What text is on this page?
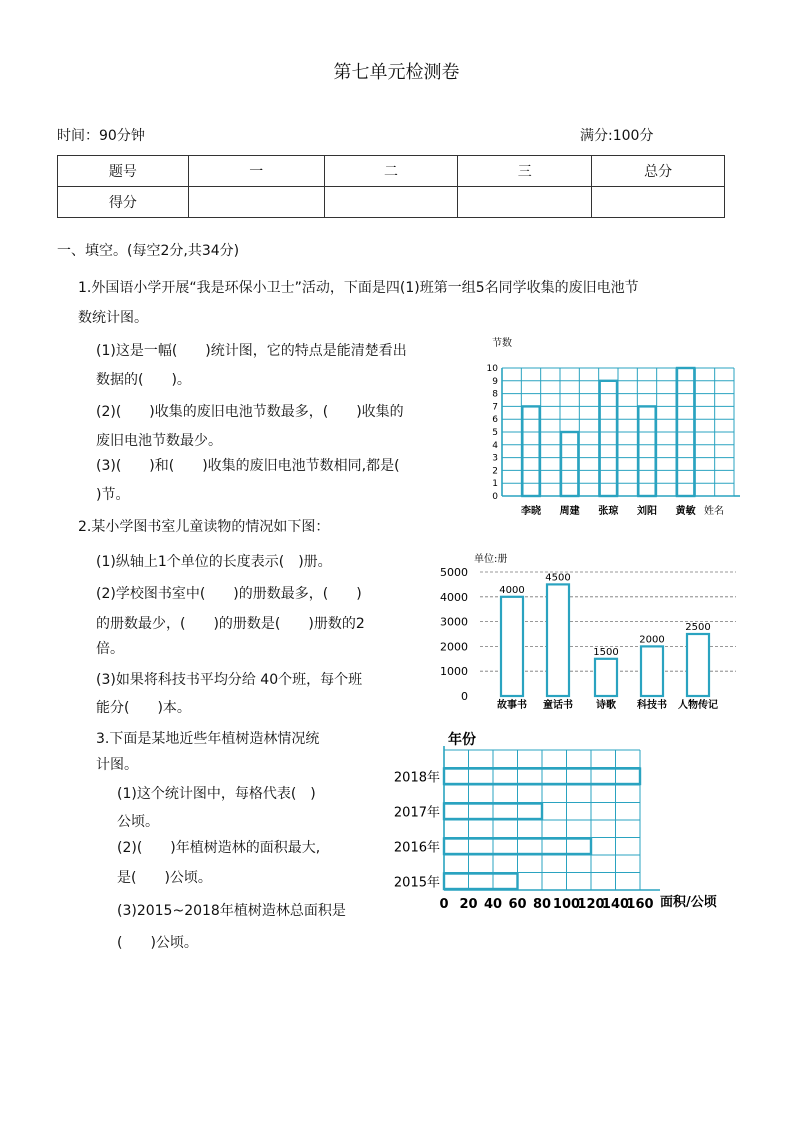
第七单元检测卷
时间：90分钟	满分:100分
题号	一	二	三	总分
得分				
一、填空。(每空2分,共34分)
1.外国语小学开展“我是环保小卫士”活动，下面是四(1)班第一组5名同学收集的废旧电池节
数统计图。
(1)这是一幅(　　)统计图，它的特点是能清楚看出
数据的(　　)。
(2)(　　)收集的废旧电池节数最多，(　　)收集的
废旧电池节数最少。
(3)(　　)和(　　)收集的废旧电池节数相同,都是(
)节。
节数
姓名
0
1
2
3
4
5
6
7
8
9
10
李晓 周建 张琼 刘阳 黄敏
2.某小学图书室儿童读物的情况如下图：
(1)纵轴上1个单位的长度表示(　)册。
(2)学校图书室中(　　)的册数最多，(　　)
的册数最少，(　　)的册数是(　　)册数的2
倍。
(3)如果将科技书平均分给 40个班，每个班
能分(　　)本。
单位:册
4000
4500
1500
2000
2500
0
1000
2000
3000
4000
5000
故事书 童话书 诗歌 科技书 人物传记
3.下面是某地近些年植树造林情况统
计图。
(1)这个统计图中，每格代表(　)
公顷。
(2)(　　)年植树造林的面积最大,
是(　　)公顷。
(3)2015~2018年植树造林总面积是
(　　)公顷。
年份
面积/公顷
0 20 40 60 80 100
120
140
160
2018年
2017年
2016年
2015年
